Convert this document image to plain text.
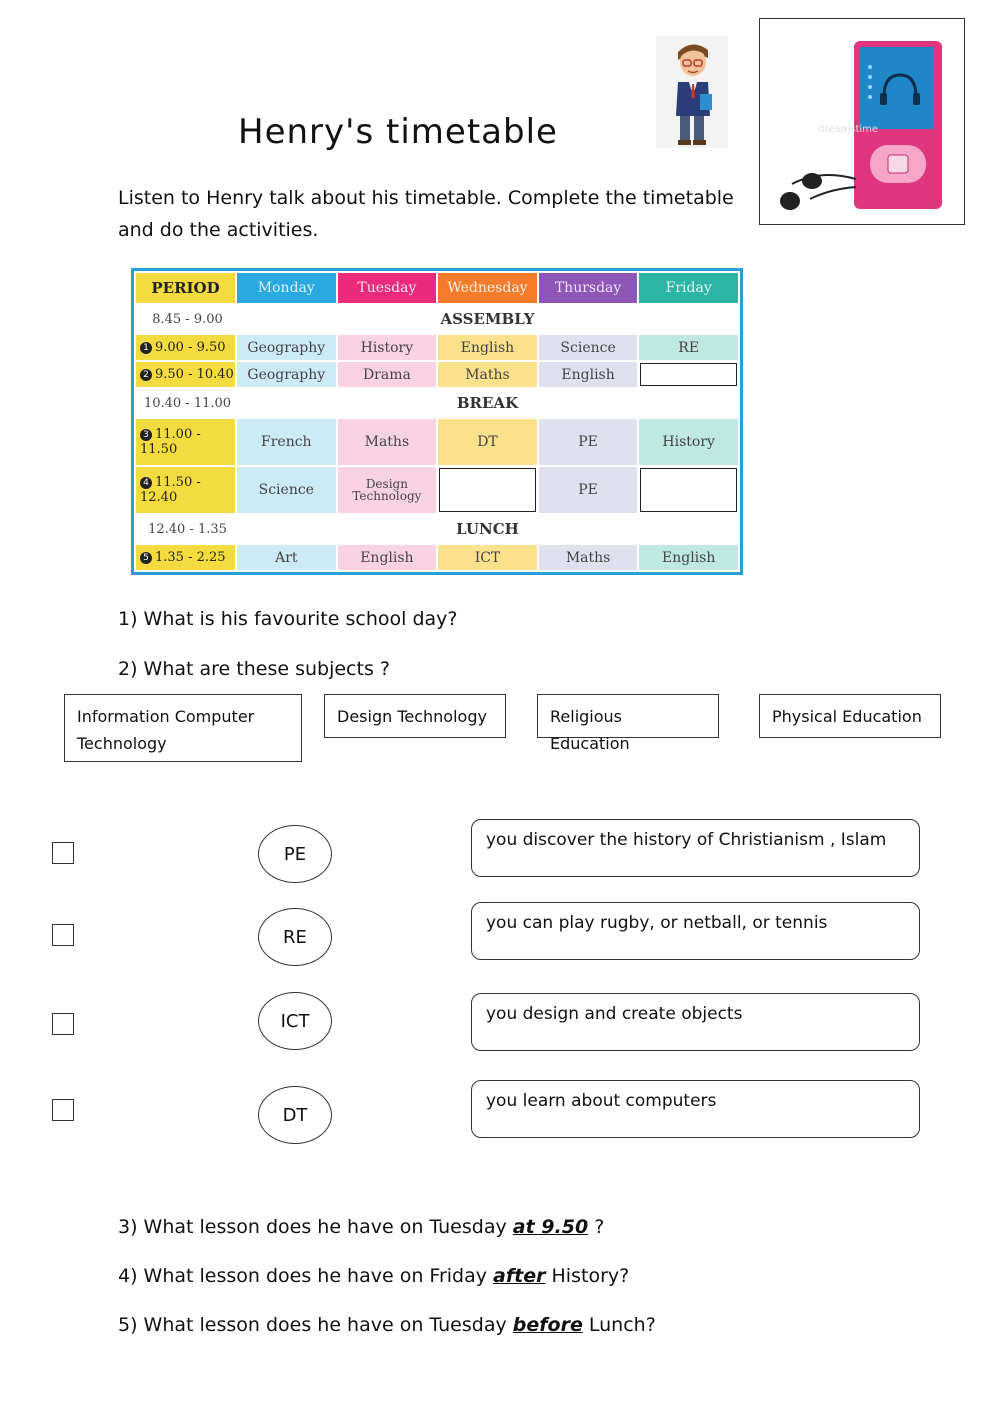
Henry's timetable
Listen to Henry talk about his timetable. Complete the timetable and do the activities.
dreamstime
PERIOD	Monday	Tuesday	Wednesday	Thursday	Friday
8.45 - 9.00	ASSEMBLY				
1 9.00 - 9.50	Geography	History	English	Science	RE
2 9.50 - 10.40	Geography	Drama	Maths	English	
10.40 - 11.00	BREAK				
3 11.00 - 11.50	French	Maths	DT	PE	History
4 11.50 - 12.40	Science	Design Technology		PE	
12.40 - 1.35	LUNCH				
5 1.35 - 2.25	Art	English	ICT	Maths	English
1) What is his favourite school day?
2) What are these subjects ?
Information Computer Technology
Design Technology	Religious Education
Physical Education
PE
you discover the history of Christianism , Islam
RE
you can play rugby, or netball, or tennis
ICT	you design and create objects
DT
you learn about computers
3) What lesson does he have on Tuesday at 9.50 ?
4) What lesson does he have on Friday after History?
5) What lesson does he have on Tuesday before Lunch?
